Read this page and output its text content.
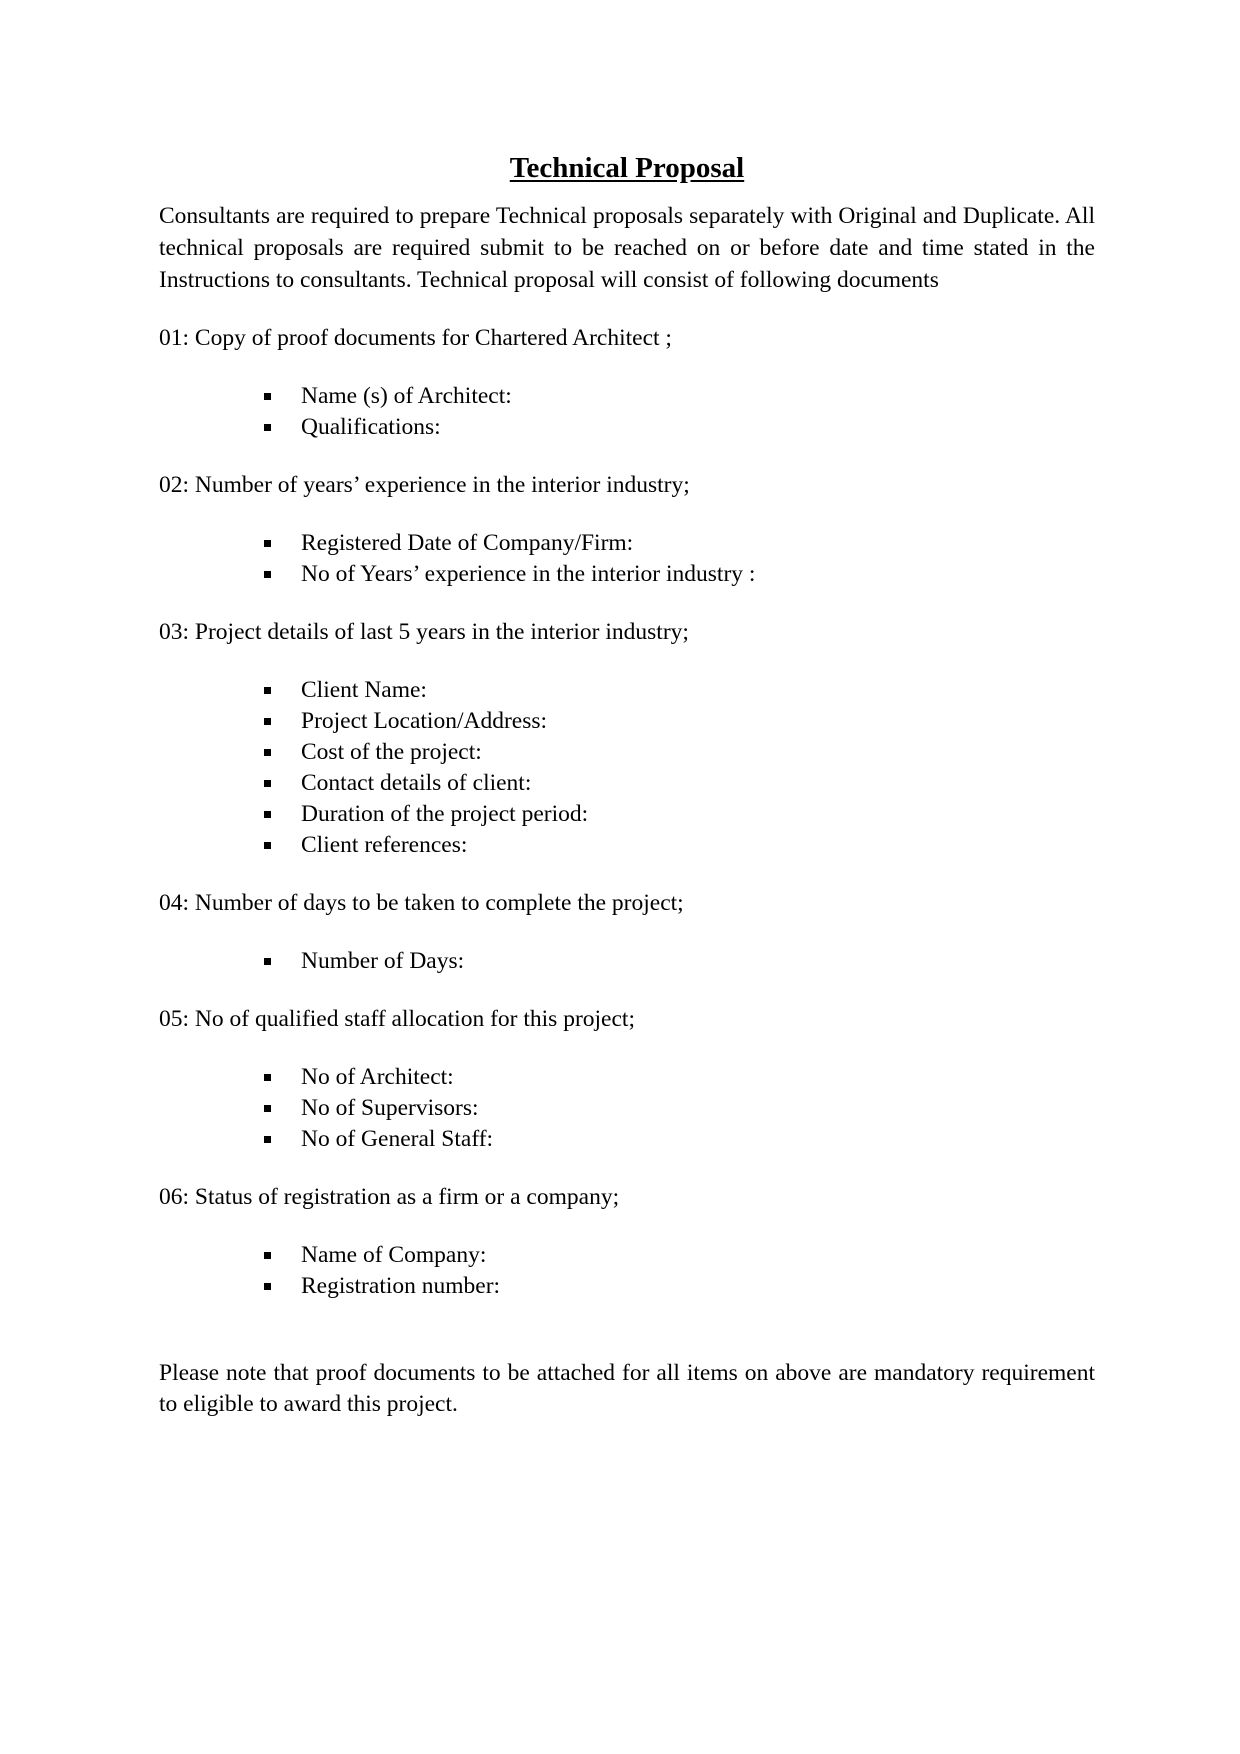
Technical Proposal

Consultants are required to prepare Technical proposals separately with Original and Duplicate. All technical proposals are required submit to be reached on or before date and time stated in the Instructions to consultants. Technical proposal will consist of following documents

01: Copy of proof documents for Chartered Architect ;

Name (s) of Architect:
Qualifications:

02: Number of years’ experience in the interior industry;

Registered Date of Company/Firm:
No of Years’ experience in the interior industry :

03: Project details of last 5 years in the interior industry;

Client Name:
Project Location/Address:
Cost of the project:
Contact details of client:
Duration of the project period:
Client references:

04: Number of days to be taken to complete the project;

Number of Days:

05: No of qualified staff allocation for this project;

No of Architect:
No of Supervisors:
No of General Staff:

06: Status of registration as a firm or a company;

Name of Company:
Registration number:

Please note that proof documents to be attached for all items on above are mandatory requirement to eligible to award this project.
